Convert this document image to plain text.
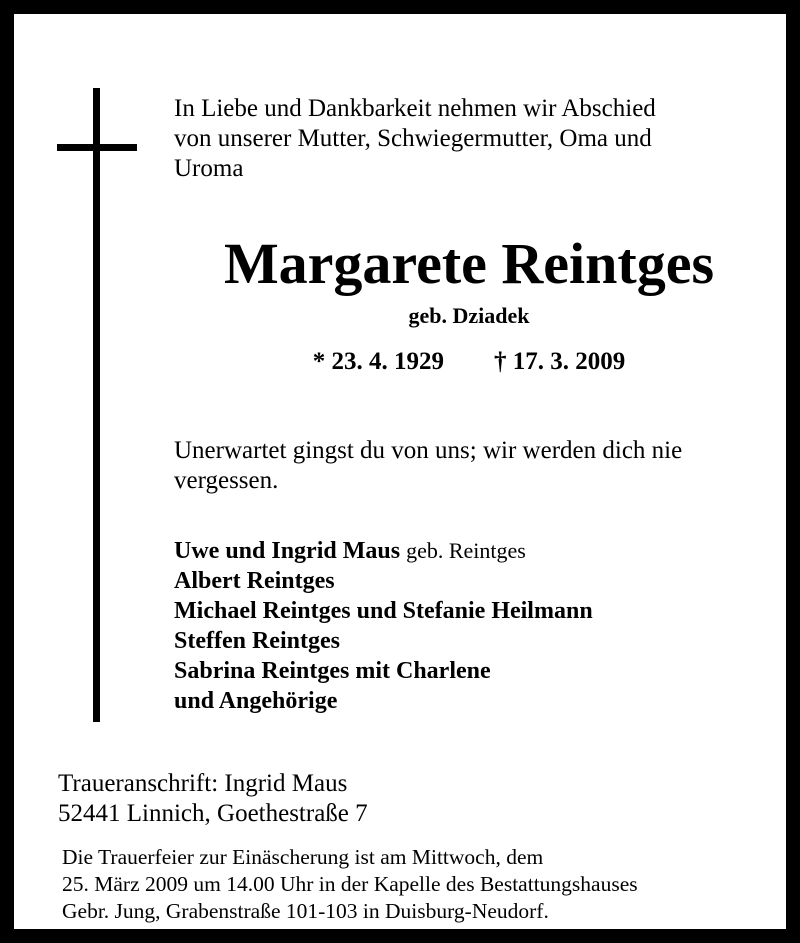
In Liebe und Dankbarkeit nehmen wir Abschied
von unserer Mutter, Schwiegermutter, Oma und
Uroma

Margarete Reintges
geb. Dziadek
* 23. 4. 1929 † 17. 3. 2009

Unerwartet gingst du von uns; wir werden dich nie
vergessen.

Uwe und Ingrid Maus geb. Reintges
Albert Reintges
Michael Reintges und Stefanie Heilmann
Steffen Reintges
Sabrina Reintges mit Charlene
und Angehörige
Traueranschrift: Ingrid Maus
52441 Linnich, Goethestraße 7

Die Trauerfeier zur Einäscherung ist am Mittwoch, dem
25. März 2009 um 14.00 Uhr in der Kapelle des Bestattungshauses
Gebr. Jung, Grabenstraße 101-103 in Duisburg-Neudorf.
